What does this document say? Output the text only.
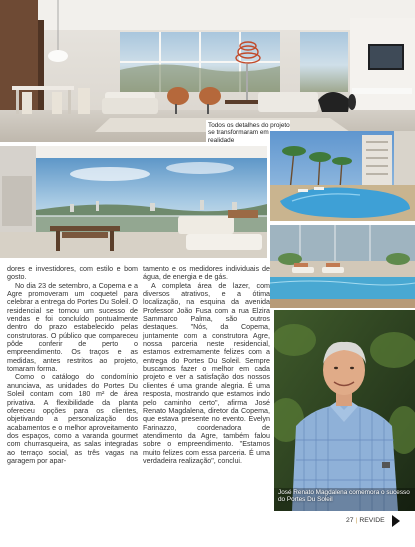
Todos os detalhes do projeto se transformaram em realidade
José Renato Magdalena comemora o sucesso do Portes Du Soleil

dores e investidores, com estilo e bom gosto.

No dia 23 de setembro, a Copema e a Agre promoveram um coquetel para celebrar a entrega do Portes Du Soleil. O residencial se tornou um sucesso de vendas e foi concluído pontualmente dentro do prazo estabelecido pelas construtoras. O público que compareceu pôde conferir de perto o empreendimento. Os traços e as medidas, antes restritos ao projeto, tomaram forma.

Como o catálogo do condomínio anunciava, as unidades do Portes Du Soleil contam com 180 m² de área privativa. A flexibilidade da planta ofereceu opções para os clientes, objetivando a personalização dos acabamentos e o melhor aproveitamento dos espaços, como a varanda gourmet com churrasqueira, as salas integradas ao terraço social, as três vagas na garagem por apar-

tamento e os medidores individuais de água, de energia e de gás.

A completa área de lazer, com diversos atrativos, e a ótima localização, na esquina da avenida Professor João Fusa com a rua Elzira Sammarco Palma, são outros destaques. "Nós, da Copema, juntamente com a construtora Agre, nossa parceria neste residencial, estamos extremamente felizes com a entrega do Portes Du Soleil. Sempre buscamos fazer o melhor em cada projeto e ver a satisfação dos nossos clientes é uma grande alegria. É uma resposta, mostrando que estamos indo pelo caminho certo", afirma José Renato Magdalena, diretor da Copema, que estava presente no evento. Evelyn Farinazzo, coordenadora de atendimento da Agre, também falou sobre o empreendimento. "Estamos muito felizes com essa parceria. É uma verdadeira realização", conclui.

27 | REVIDE
